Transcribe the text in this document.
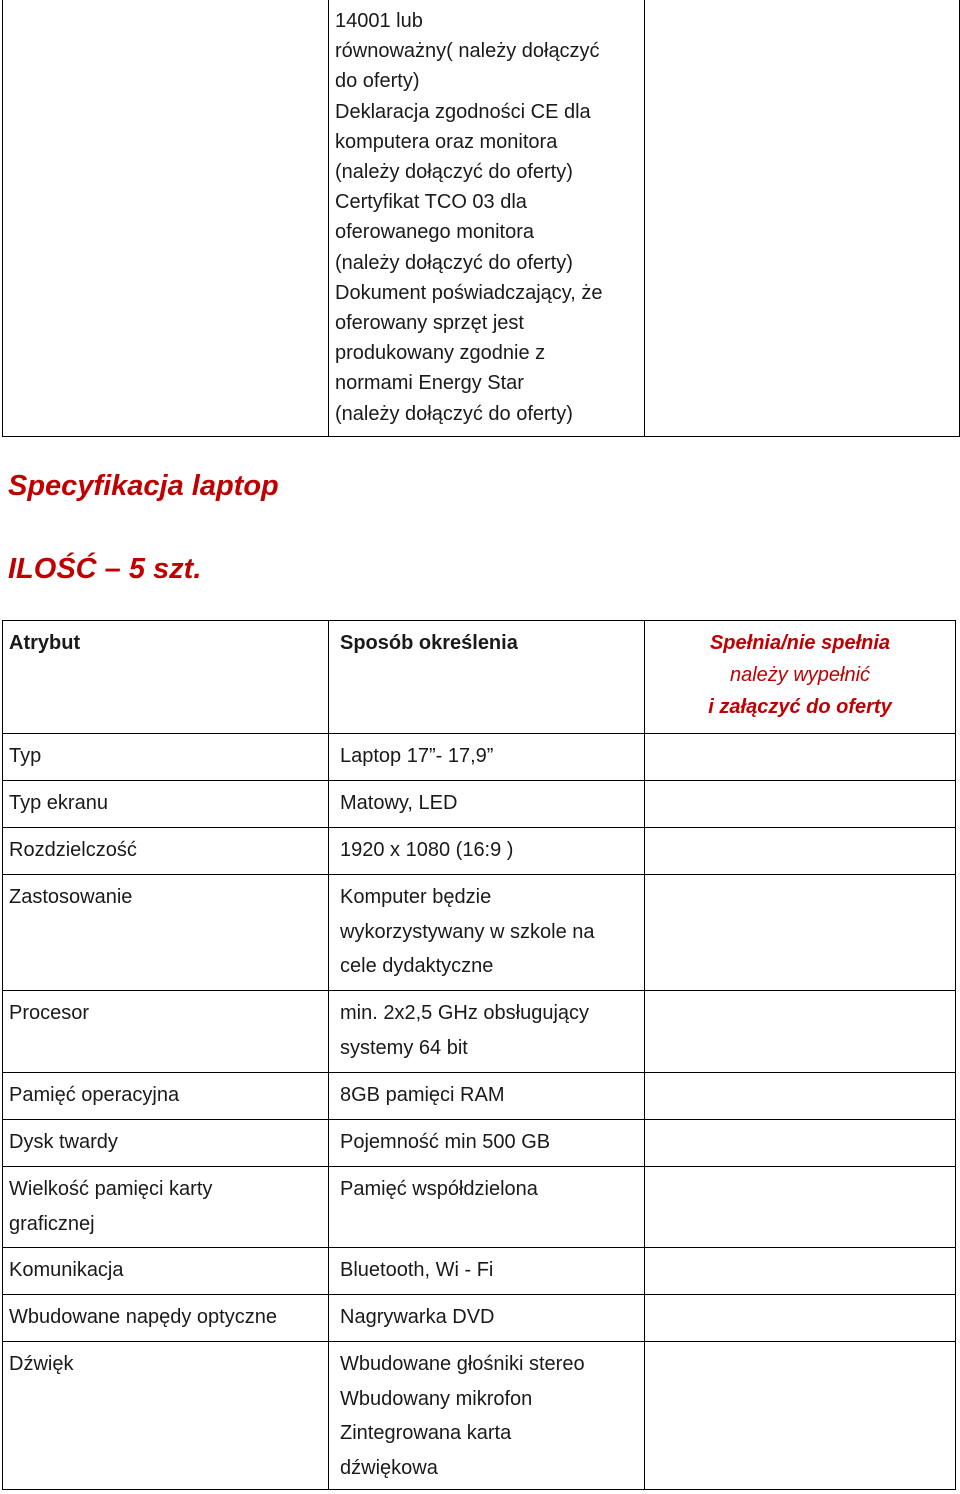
14001 lub
równoważny( należy dołączyć
do oferty)
Deklaracja zgodności CE dla
komputera oraz monitora
(należy dołączyć do oferty)
Certyfikat TCO 03 dla
oferowanego monitora
(należy dołączyć do oferty)
Dokument poświadczający, że
oferowany sprzęt jest
produkowany zgodnie z
normami Energy Star
(należy dołączyć do oferty)

Specyfikacja laptop
ILOŚĆ – 5 szt.
Atrybut	Sposób określenia	Spełnia/nie spełnia
należy wypełnić
i załączyć do oferty

Typ	Laptop 17”- 17,9”	

Typ ekranu	Matowy, LED	

Rozdzielczość	1920 x 1080 (16:9 )	

Zastosowanie	Komputer będzie
wykorzystywany w szkole na
cele dydaktyczne	

Procesor	min. 2x2,5 GHz obsługujący
systemy 64 bit	

Pamięć operacyjna	8GB pamięci RAM	

Dysk twardy	Pojemność min 500 GB	

Wielkość pamięci karty
graficznej	Pamięć współdzielona	

Komunikacja	Bluetooth, Wi - Fi	

Wbudowane napędy optyczne	Nagrywarka DVD	

Dźwięk	Wbudowane głośniki stereo
Wbudowany mikrofon
Zintegrowana karta
dźwiękowa	
